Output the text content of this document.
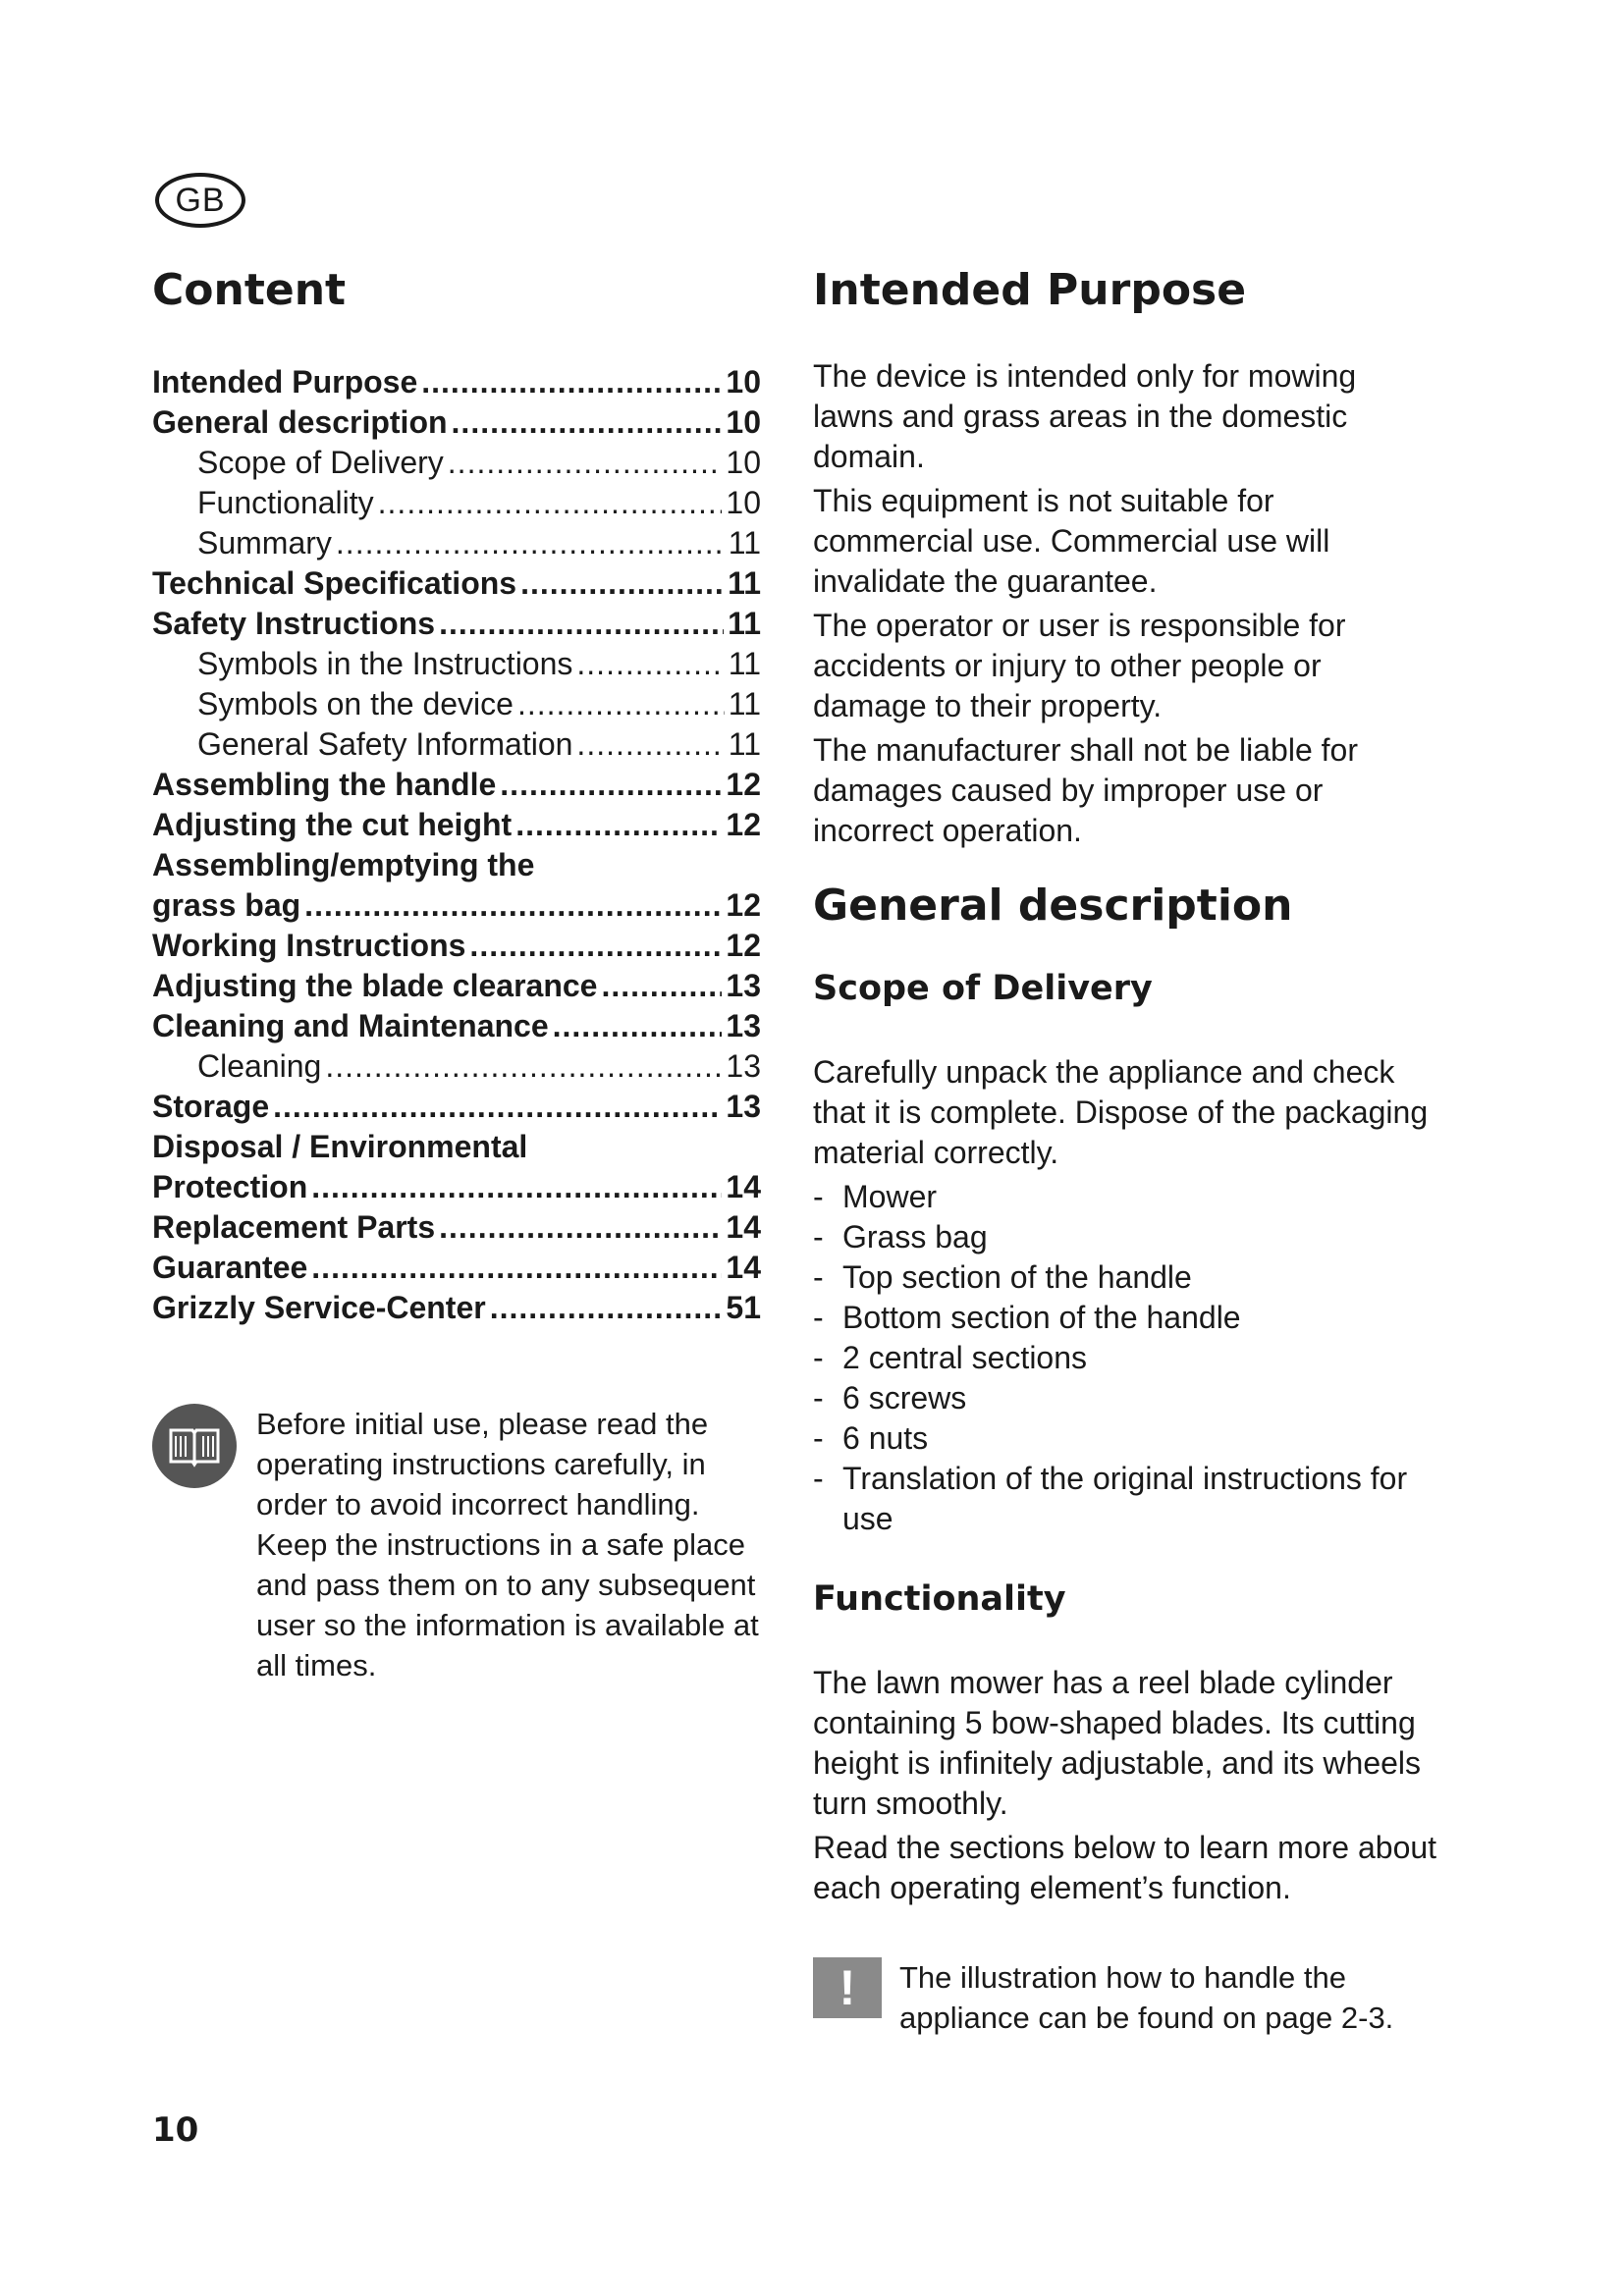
GB
Content
Intended Purpose .....	10
General description .....	10
Scope of Delivery .....	10
Functionality .....	10
Summary .....	11
Technical Specifications .....	11
Safety Instructions .....	11
Symbols in the Instructions .....	11
Symbols on the device .....	11
General Safety Information .....	11
Assembling the handle .....	12
Adjusting the cut height .....	12
Assembling/emptying the
grass bag .....	12
Working Instructions .....	12
Adjusting the blade clearance .....	13
Cleaning and Maintenance .....	13
Cleaning .....	13
Storage .....	13
Disposal / Environmental
Protection .....	14
Replacement Parts .....	14
Guarantee .....	14
Grizzly Service-Center .....	51
Before initial use, please read the operating instructions carefully, in order to avoid incorrect handling. Keep the instructions in a safe place and pass them on to any subsequent user so the information is available at all times.
Intended Purpose

The device is intended only for mowing lawns and grass areas in the domestic domain.

This equipment is not suitable for commercial use. Commercial use will invalidate the guarantee.

The operator or user is responsible for accidents or injury to other people or damage to their property.

The manufacturer shall not be liable for damages caused by improper use or incorrect operation.

General description
Scope of Delivery

Carefully unpack the appliance and check that it is complete. Dispose of the packaging material correctly.

- Mower
- Grass bag
- Top section of the handle
- Bottom section of the handle
- 2 central sections
- 6 screws
- 6 nuts
- Translation of the original instructions for use
Functionality

The lawn mower has a reel blade cylinder containing 5 bow-shaped blades. Its cutting height is infinitely adjustable, and its wheels turn smoothly.

Read the sections below to learn more about each operating element’s function.

!	The illustration how to handle the appliance can be found on page 2-3.
10
